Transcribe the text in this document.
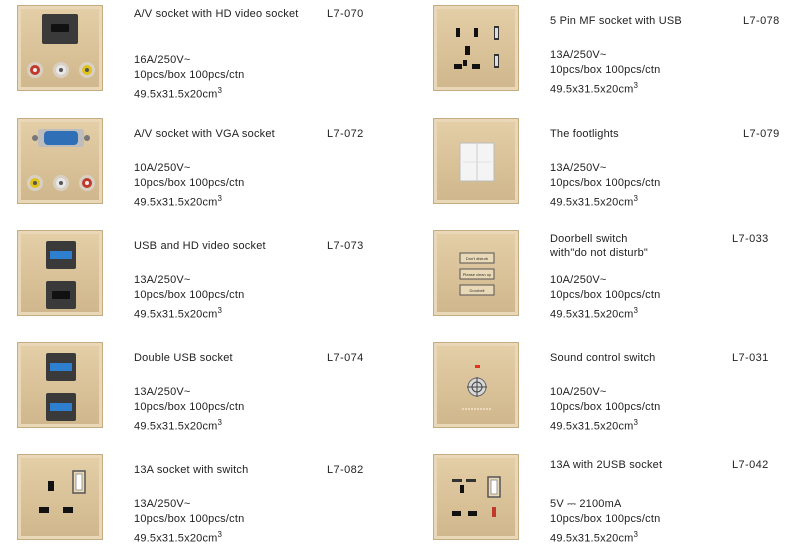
A/V socket with HD video socket	L7-070
16A/250V~
10pcs/box 100pcs/ctn
$49.5x31.5x20cm^3$
A/V socket with VGA socket	L7-072
10A/250V~
10pcs/box 100pcs/ctn
$49.5x31.5x20cm^3$
USB and HD video socket	L7-073
13A/250V~
10pcs/box 100pcs/ctn
$49.5x31.5x20cm^3$
Double USB socket	L7-074
13A/250V~
10pcs/box 100pcs/ctn
$49.5x31.5x20cm^3$
13A socket with switch	L7-082
13A/250V~
10pcs/box 100pcs/ctn
$49.5x31.5x20cm^3$
5 Pin MF socket with USB	L7-078
13A/250V~
10pcs/box 100pcs/ctn
$49.5x31.5x20cm^3$
The footlights	L7-079
13A/250V~
10pcs/box 100pcs/ctn
$49.5x31.5x20cm^3$
Don't disturb
Please clean up
Doorbell
Doorbell switch
with"do not disturb"
L7-033
10A/250V~
10pcs/box 100pcs/ctn
$49.5x31.5x20cm^3$
Sound control switch	L7-031
10A/250V~
10pcs/box 100pcs/ctn
$49.5x31.5x20cm^3$
13A with 2USB socket	L7-042
5V ⎓ 2100mA
10pcs/box 100pcs/ctn
$49.5x31.5x20cm^3$
